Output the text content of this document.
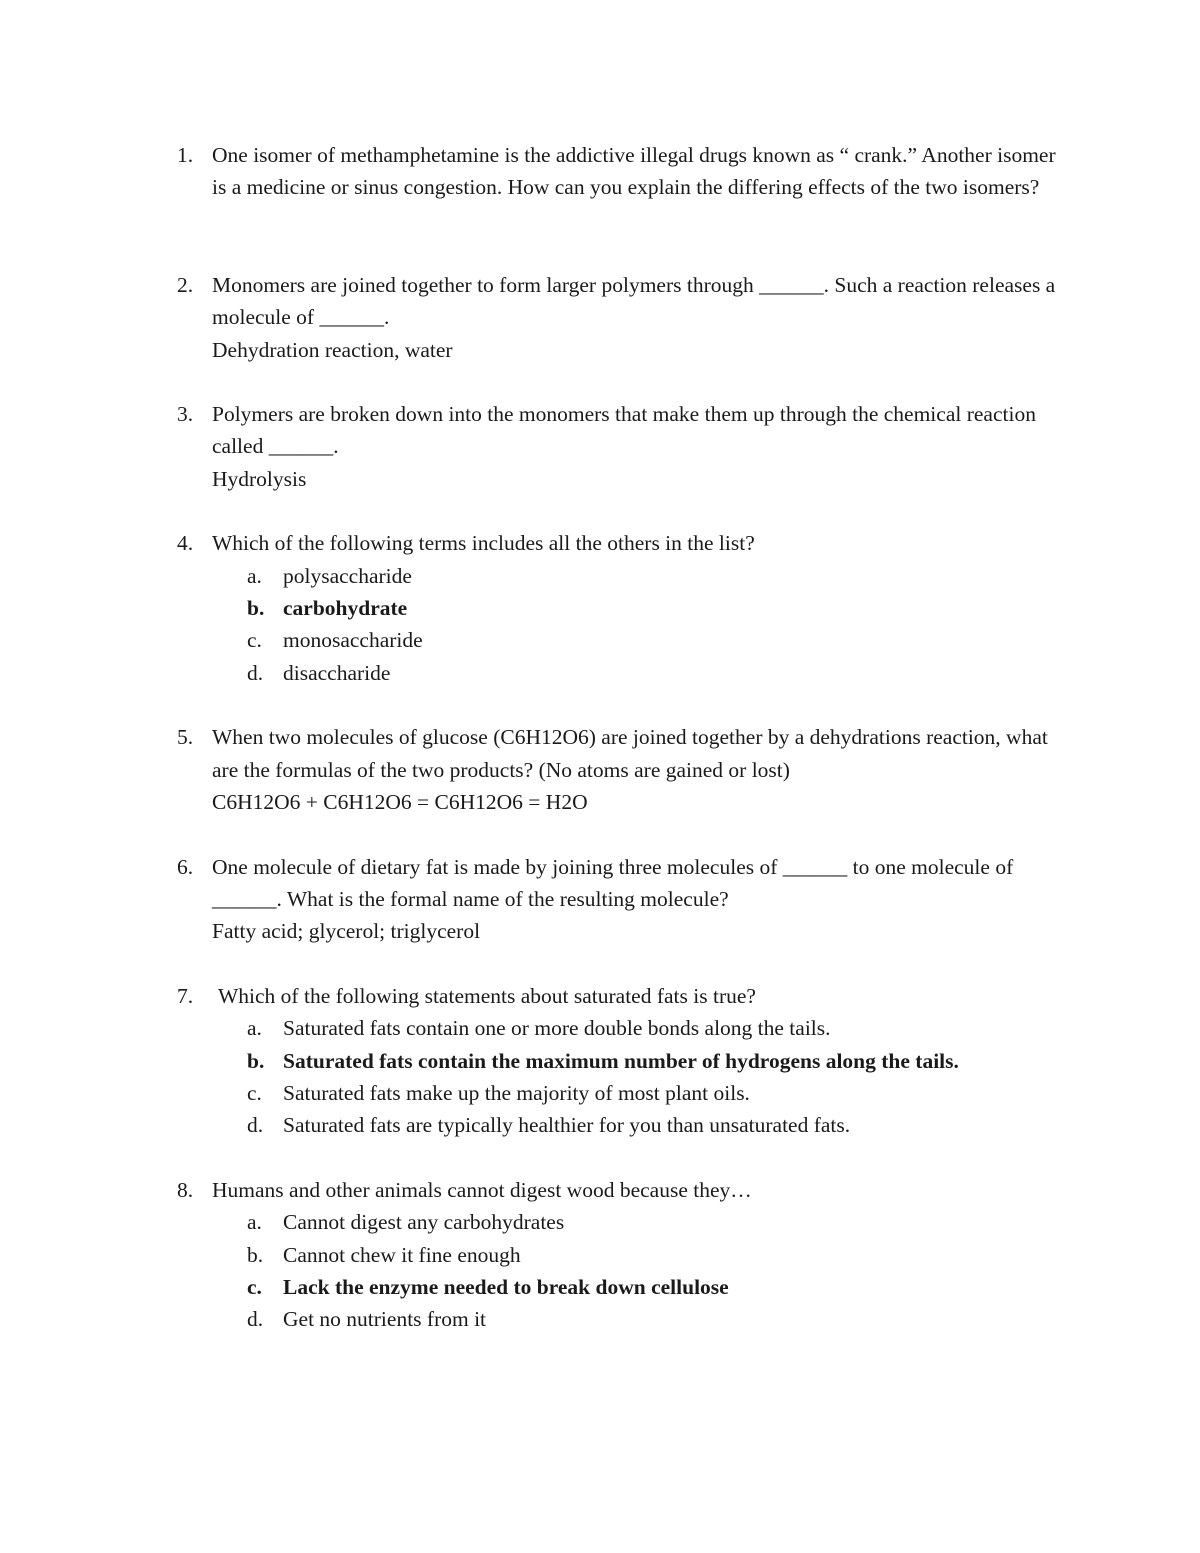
1. One isomer of methamphetamine is the addictive illegal drugs known as “ crank.” Another isomer is a medicine or sinus congestion. How can you explain the differing effects of the two isomers?
2. Monomers are joined together to form larger polymers through ______. Such a reaction releases a molecule of ______.
Dehydration reaction, water
3. Polymers are broken down into the monomers that make them up through the chemical reaction called ______.
Hydrolysis
4. Which of the following terms includes all the others in the list?
a. polysaccharide
b. carbohydrate
c. monosaccharide
d. disaccharide
5. When two molecules of glucose (C6H12O6) are joined together by a dehydrations reaction, what are the formulas of the two products? (No atoms are gained or lost)
C6H12O6 + C6H12O6 = C6H12O6 = H2O
6. One molecule of dietary fat is made by joining three molecules of ______ to one molecule of ______. What is the formal name of the resulting molecule?
Fatty acid; glycerol; triglycerol
7. Which of the following statements about saturated fats is true?
a. Saturated fats contain one or more double bonds along the tails.
b. Saturated fats contain the maximum number of hydrogens along the tails.
c. Saturated fats make up the majority of most plant oils.
d. Saturated fats are typically healthier for you than unsaturated fats.
8. Humans and other animals cannot digest wood because they…
a. Cannot digest any carbohydrates
b. Cannot chew it fine enough
c. Lack the enzyme needed to break down cellulose
d. Get no nutrients from it
